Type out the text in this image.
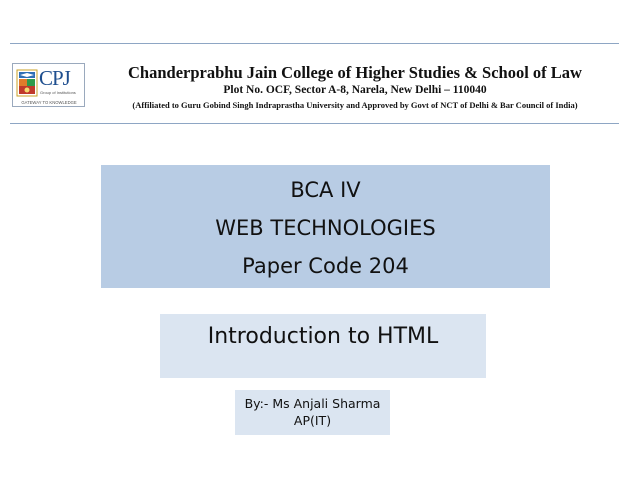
CPJ
Group of Institutions
GATEWAY TO KNOWLEDGE
Chanderprabhu Jain College of Higher Studies & School of Law
Plot No. OCF, Sector A-8, Narela, New Delhi – 110040
(Affiliated to Guru Gobind Singh Indraprastha University and Approved by Govt of NCT of Delhi & Bar Council of India)
BCA IV
WEB TECHNOLOGIES
Paper Code 204
Introduction to HTML
By:- Ms Anjali Sharma
AP(IT)
